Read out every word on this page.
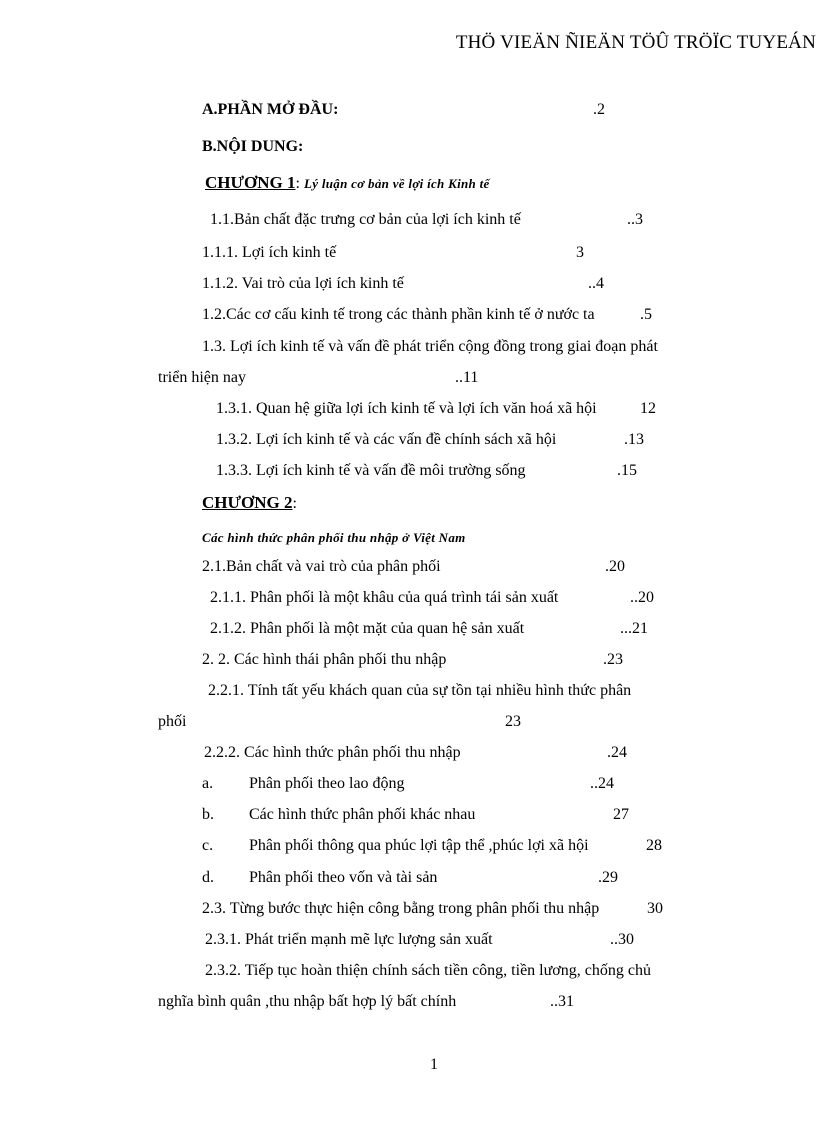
THÖ VIEÄN ÑIEÄN TÖÛ TRÖÏC TUYEÁN
A.PHẦN MỞ ĐẦU:	.2
B.NỘI DUNG:
CHƯƠNG 1: Lý luận cơ bản về lợi ích Kinh tế
1.1.Bản chất đặc trưng cơ bản của lợi ích kinh tế	..3
1.1.1. Lợi ích kinh tế	3
1.1.2. Vai trò của lợi ích kinh tế	..4
1.2.Các cơ cấu kinh tế trong các thành phần kinh tế ở nước ta	.5
1.3. Lợi ích kinh tế và vấn đề phát triển cộng đồng trong giai đoạn phát
triển hiện nay	..11
1.3.1. Quan hệ giữa lợi ích kinh tế và lợi ích văn hoá xã hội	12
1.3.2. Lợi ích kinh tế và các vấn đề chính sách xã hội	.13
1.3.3. Lợi ích kinh tế và vấn đề môi trường sống	.15
CHƯƠNG 2:
Các hình thức phân phối thu nhập ở Việt Nam
2.1.Bản chất và vai trò của phân phối	.20
2.1.1. Phân phối là một khâu của quá trình tái sản xuất	..20
2.1.2. Phân phối là một mặt của quan hệ sản xuất	...21
2. 2. Các hình thái phân phối thu nhập	.23
2.2.1. Tính tất yếu khách quan của sự tồn tại nhiều hình thức phân
phối	23
2.2.2. Các hình thức phân phối thu nhập	.24
a. Phân phối theo lao động	..24
b. Các hình thức phân phối khác nhau	27
c. Phân phối thông qua phúc lợi tập thể ,phúc lợi xã hội	28
d. Phân phối theo vốn và tài sản	.29
2.3. Từng bước thực hiện công bằng trong phân phối thu nhập	30
2.3.1. Phát triển mạnh mẽ lực lượng sản xuất	..30
2.3.2. Tiếp tục hoàn thiện chính sách tiền công, tiền lương, chống chủ
nghĩa bình quân ,thu nhập bất hợp lý bất chính	..31
1
